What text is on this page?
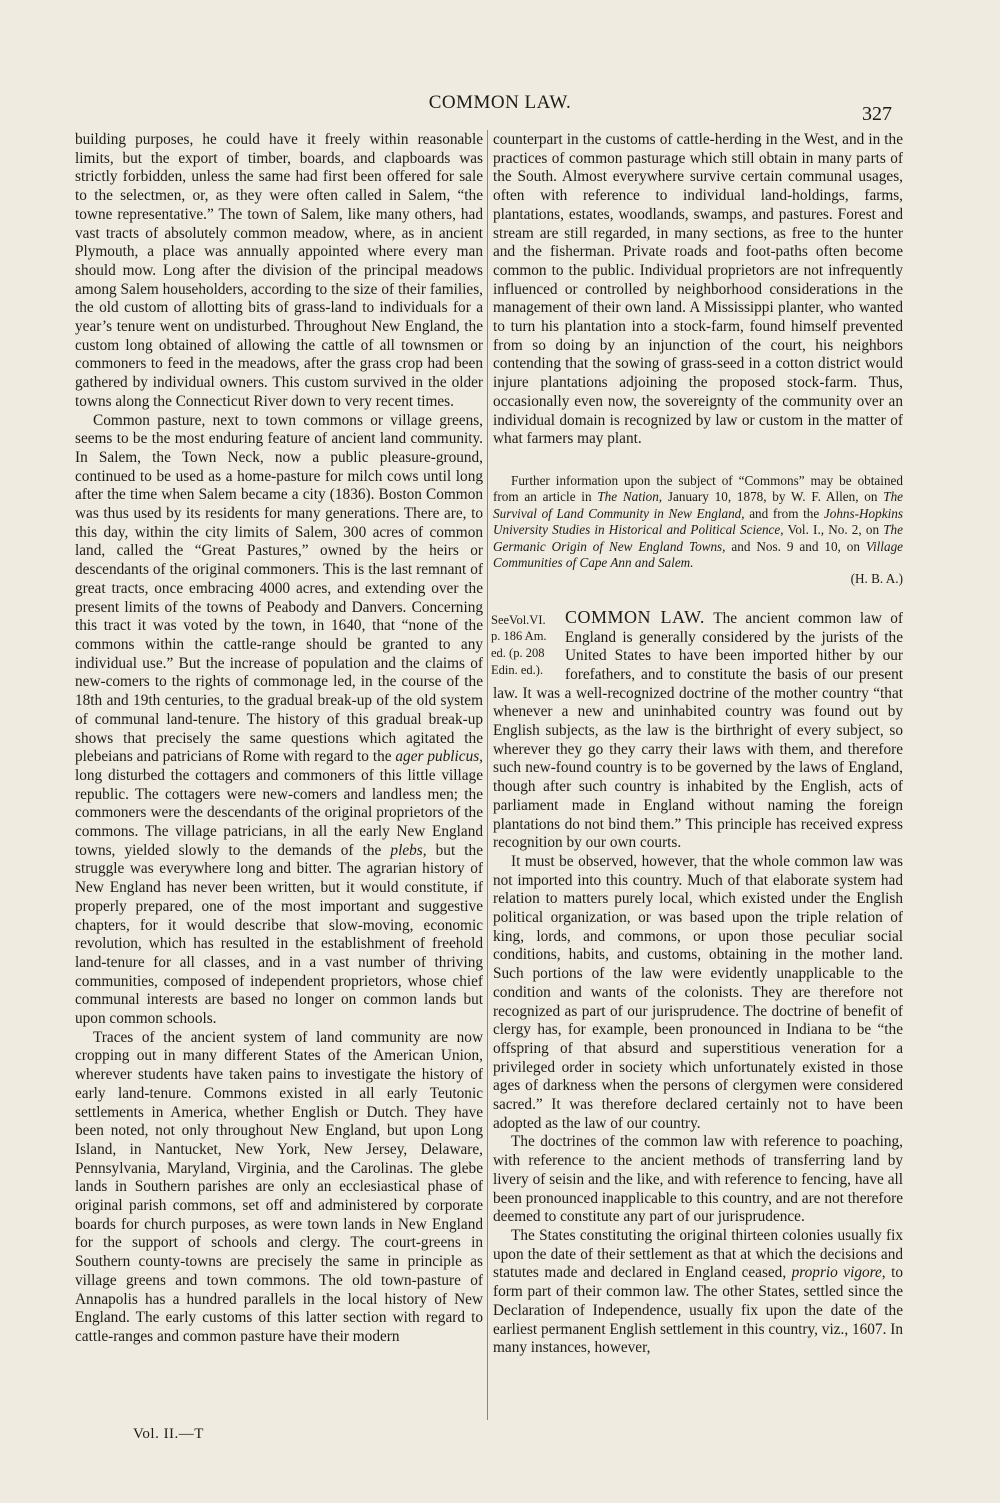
COMMON LAW.
327

building purposes, he could have it freely within reasonable limits, but the export of timber, boards, and clapboards was strictly forbidden, unless the same had first been offered for sale to the selectmen, or, as they were often called in Salem, “the towne representative.” The town of Salem, like many others, had vast tracts of absolutely common meadow, where, as in ancient Plymouth, a place was annually appointed where every man should mow. Long after the division of the principal meadows among Salem householders, according to the size of their families, the old custom of allotting bits of grass-land to individuals for a year’s tenure went on undisturbed. Throughout New England, the custom long obtained of allowing the cattle of all townsmen or commoners to feed in the meadows, after the grass crop had been gathered by individual owners. This custom survived in the older towns along the Connecticut River down to very recent times.

Common pasture, next to town commons or village greens, seems to be the most enduring feature of ancient land community. In Salem, the Town Neck, now a public pleasure-ground, continued to be used as a home-pasture for milch cows until long after the time when Salem became a city (1836). Boston Common was thus used by its residents for many generations. There are, to this day, within the city limits of Salem, 300 acres of common land, called the “Great Pastures,” owned by the heirs or descendants of the original commoners. This is the last remnant of great tracts, once embracing 4000 acres, and extending over the present limits of the towns of Peabody and Danvers. Concerning this tract it was voted by the town, in 1640, that “none of the commons within the cattle-range should be granted to any individual use.” But the increase of population and the claims of new-comers to the rights of commonage led, in the course of the 18th and 19th centuries, to the gradual break-up of the old system of communal land-tenure. The history of this gradual break-up shows that precisely the same questions which agitated the plebeians and patricians of Rome with regard to the ager publicus, long disturbed the cottagers and commoners of this little village republic. The cottagers were new-comers and landless men; the commoners were the descendants of the original proprietors of the commons. The village patricians, in all the early New England towns, yielded slowly to the demands of the plebs, but the struggle was everywhere long and bitter. The agrarian history of New England has never been written, but it would constitute, if properly prepared, one of the most important and suggestive chapters, for it would describe that slow-moving, economic revolution, which has resulted in the establishment of freehold land-tenure for all classes, and in a vast number of thriving communities, composed of independent proprietors, whose chief communal interests are based no longer on common lands but upon common schools.

Traces of the ancient system of land community are now cropping out in many different States of the American Union, wherever students have taken pains to investigate the history of early land-tenure. Commons existed in all early Teutonic settlements in America, whether English or Dutch. They have been noted, not only throughout New England, but upon Long Island, in Nantucket, New York, New Jersey, Delaware, Pennsylvania, Maryland, Virginia, and the Carolinas. The glebe lands in Southern parishes are only an ecclesiastical phase of original parish commons, set off and administered by corporate boards for church purposes, as were town lands in New England for the support of schools and clergy. The court-greens in Southern county-towns are precisely the same in principle as village greens and town commons. The old town-pasture of Annapolis has a hundred parallels in the local history of New England. The early customs of this latter section with regard to cattle-ranges and common pasture have their modern

counterpart in the customs of cattle-herding in the West, and in the practices of common pasturage which still obtain in many parts of the South. Almost everywhere survive certain communal usages, often with reference to individual land-holdings, farms, plantations, estates, woodlands, swamps, and pastures. Forest and stream are still regarded, in many sections, as free to the hunter and the fisherman. Private roads and foot-paths often become common to the public. Individual proprietors are not infrequently influenced or controlled by neighborhood considerations in the management of their own land. A Mississippi planter, who wanted to turn his plantation into a stock-farm, found himself prevented from so doing by an injunction of the court, his neighbors contending that the sowing of grass-seed in a cotton district would injure plantations adjoining the proposed stock-farm. Thus, occasionally even now, the sovereignty of the community over an individual domain is recognized by law or custom in the matter of what farmers may plant.

Further information upon the subject of “Commons” may be obtained from an article in The Nation, January 10, 1878, by W. F. Allen, on The Survival of Land Community in New England, and from the Johns-Hopkins University Studies in Historical and Political Science, Vol. I., No. 2, on The Germanic Origin of New England Towns, and Nos. 9 and 10, on Village Communities of Cape Ann and Salem.

(H. B. A.)

COMMON LAW.
SeeVol.VI. p. 186 Am. ed. (p. 208 Edin. ed.).
The ancient common law of England is generally considered by the jurists of the United States to have been imported hither by our forefathers, and to constitute the basis of our present law. It was a well-recognized doctrine of the mother country “that whenever a new and uninhabited country was found out by English subjects, as the law is the birthright of every subject, so wherever they go they carry their laws with them, and therefore such new-found country is to be governed by the laws of England, though after such country is inhabited by the English, acts of parliament made in England without naming the foreign plantations do not bind them.” This principle has received express recognition by our own courts.

It must be observed, however, that the whole common law was not imported into this country. Much of that elaborate system had relation to matters purely local, which existed under the English political organization, or was based upon the triple relation of king, lords, and commons, or upon those peculiar social conditions, habits, and customs, obtaining in the mother land. Such portions of the law were evidently unapplicable to the condition and wants of the colonists. They are therefore not recognized as part of our jurisprudence. The doctrine of benefit of clergy has, for example, been pronounced in Indiana to be “the offspring of that absurd and superstitious veneration for a privileged order in society which unfortunately existed in those ages of darkness when the persons of clergymen were considered sacred.” It was therefore declared certainly not to have been adopted as the law of our country.

The doctrines of the common law with reference to poaching, with reference to the ancient methods of transferring land by livery of seisin and the like, and with reference to fencing, have all been pronounced inapplicable to this country, and are not therefore deemed to constitute any part of our jurisprudence.

The States constituting the original thirteen colonies usually fix upon the date of their settlement as that at which the decisions and statutes made and declared in England ceased, proprio vigore, to form part of their common law. The other States, settled since the Declaration of Independence, usually fix upon the date of the earliest permanent English settlement in this country, viz., 1607. In many instances, however,

Vol. II.—T
